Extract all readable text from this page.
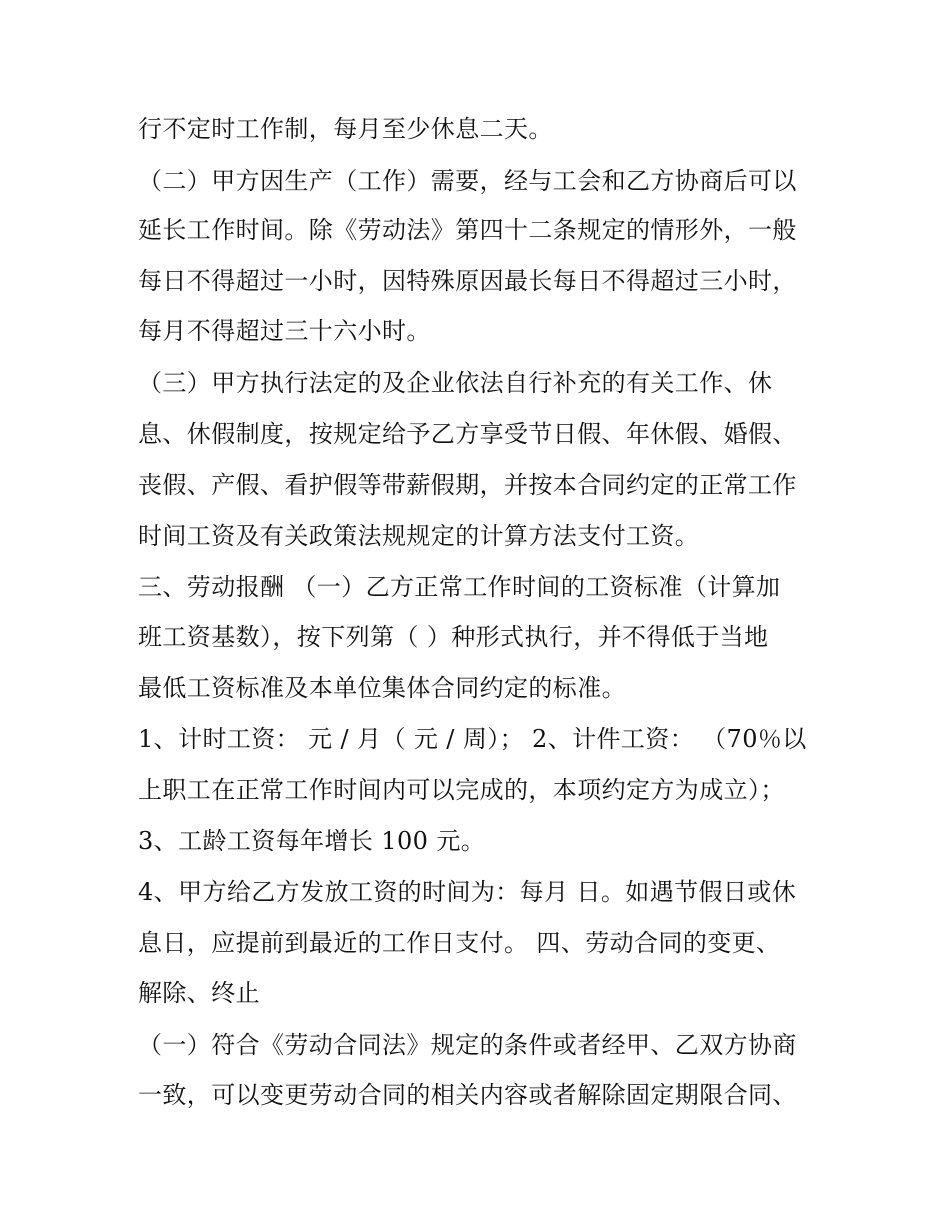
行不定时工作制，每月至少休息二天。
（二）甲方因生产（工作）需要，经与工会和乙方协商后可以
延长工作时间。除《劳动法》第四十二条规定的情形外，一般
每日不得超过一小时，因特殊原因最长每日不得超过三小时，
每月不得超过三十六小时。
（三）甲方执行法定的及企业依法自行补充的有关工作、休
息、休假制度，按规定给予乙方享受节日假、年休假、婚假、
丧假、产假、看护假等带薪假期，并按本合同约定的正常工作
时间工资及有关政策法规规定的计算方法支付工资。
三、劳动报酬 （一）乙方正常工作时间的工资标准（计算加
班工资基数），按下列第（ ）种形式执行，并不得低于当地
最低工资标准及本单位集体合同约定的标准。
1、计时工资： 元 / 月（ 元 / 周）； 2、计件工资： （70％以
上职工在正常工作时间内可以完成的，本项约定方为成立）；
3、工龄工资每年增长 100 元。
4、甲方给乙方发放工资的时间为：每月 日。如遇节假日或休
息日，应提前到最近的工作日支付。 四、劳动合同的变更、
解除、终止
（一）符合《劳动合同法》规定的条件或者经甲、乙双方协商
一致，可以变更劳动合同的相关内容或者解除固定期限合同、
